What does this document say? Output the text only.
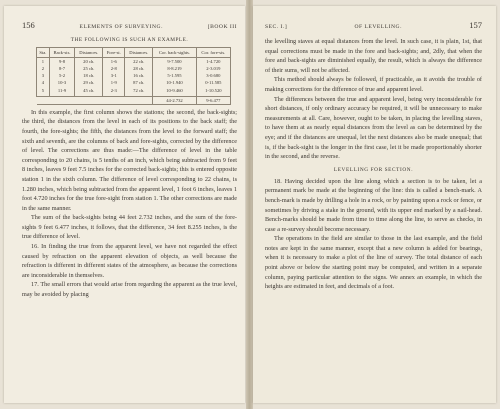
156	ELEMENTS OF SURVEYING.	[BOOK III
THE FOLLOWING IS SUCH AN EXAMPLE.
Sta.	Back-sts.	Distances.	Fore-st.	Distances.	Cor. back-sights.	Cor. fore-sts.
1	9-8	20 ch.	1-6	22 ch.	9-7.500	1-4.720
2	8-7	25 ch.	2-8	28 ch.	8-8.219	2-3.019
3	5-2	18 ch.	3-1	16 ch.	5-1.595	3-0.680
4	10-3	29 ch.	1-9	87 ch.	10-1.940	0-11.585
5	11-9	45 ch.	2-3	72 ch.	10-9.460	1-10.520
					44-2.732	9-6.477

In this example, the first column shows the stations; the second, the back-sights; the third, the distances from the level in each of its positions to the back staff; the fourth, the fore-sights; the fifth, the distances from the level to the forward staff; the sixth and seventh, are the columns of back and fore-sights, corrected by the difference of level. The corrections are thus made:—The difference of level in the table corresponding to 20 chains, is 5 tenths of an inch, which being subtracted from 9 feet 8 inches, leaves 9 feet 7.5 inches for the corrected back-sights; this is entered opposite station 1 in the sixth column. The difference of level corresponding to 22 chains, is 1.280 inches, which being subtracted from the apparent level, 1 foot 6 inches, leaves 1 foot 4.720 inches for the true fore-sight from station 1. The other corrections are made in the same manner.

The sum of the back-sights being 44 feet 2.732 inches, and the sum of the fore-sights 9 feet 6.477 inches, it follows, that the difference, 34 feet 8.255 inches, is the true difference of level.

16. In finding the true from the apparent level, we have not regarded the effect caused by refraction on the apparent elevation of objects, as well because the refraction is different in different states of the atmosphere, as because the corrections are inconsiderable in themselves.

17. The small errors that would arise from regarding the apparent as the true level, may be avoided by placing

SEC. I.]	OF LEVELLING.	157

the levelling staves at equal distances from the level. In such case, it is plain, 1st, that equal corrections must be made in the fore and back-sights; and, 2dly, that when the fore and back-sights are diminished equally, the result, which is always the difference of their sums, will not be affected.

This method should always be followed, if practicable, as it avoids the trouble of making corrections for the difference of true and apparent level.

The differences between the true and apparent level, being very inconsiderable for short distances, if only ordinary accuracy be required, it will be unnecessary to make measurements at all. Care, however, ought to be taken, in placing the levelling staves, to have them at as nearly equal distances from the level as can be determined by the eye; and if the distances are unequal, let the next distances also be made unequal; that is, if the back-sight is the longer in the first case, let it be made proportionably shorter in the second, and the reverse.

LEVELLING FOR SECTION.

18. Having decided upon the line along which a section is to be taken, let a permanent mark be made at the beginning of the line: this is called a bench-mark. A bench-mark is made by drilling a hole in a rock, or by painting upon a rock or fence, or sometimes by driving a stake in the ground, with its upper end marked by a nail-head. Bench-marks should be made from time to time along the line, to serve as checks, in case a re-survey should become necessary.

The operations in the field are similar to those in the last example, and the field notes are kept in the same manner, except that a new column is added for bearings, when it is necessary to make a plot of the line of survey. The total distance of each point above or below the starting point may be computed, and written in a separate column, paying particular attention to the signs. We annex an example, in which the heights are estimated in feet, and decimals of a foot.
